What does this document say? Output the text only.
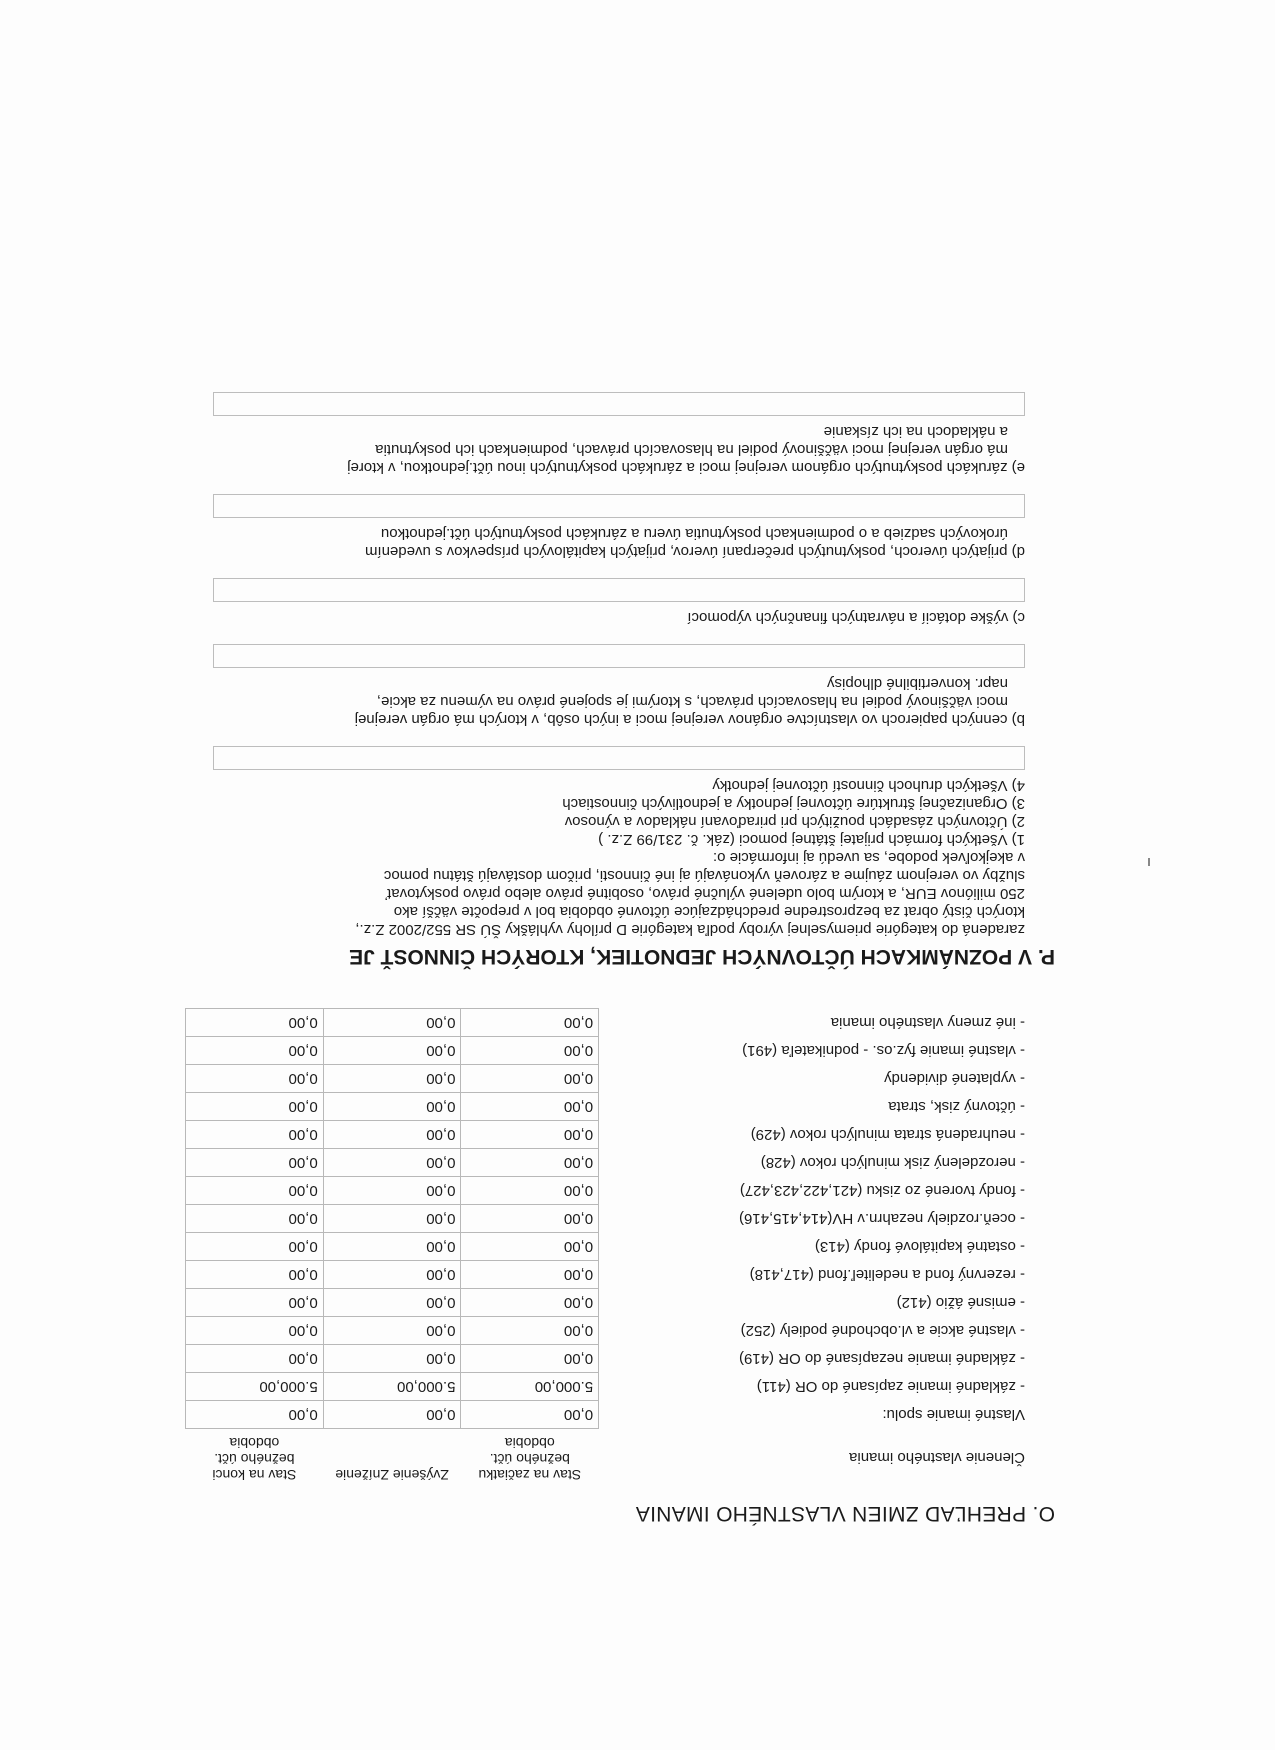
O. PREHĽAD ZMIEN VLASTNÉHO IMANIA
Členenie vlastného imania	Stav na začiatku bežného účt. obdobia	Zvýšenie Zníženie	Stav na konci bežného účt. obdobia
Vlastné imanie spolu:	0,00	0,00	0,00
- základné imanie zapísané do OR (411)	5.000,00	5.000,00	5.000,00
- základné imanie nezapísané do OR (419)	0,00	0,00	0,00
- vlastné akcie a vl.obchodné podiely (252)	0,00	0,00	0,00
- emisné ážio (412)	0,00	0,00	0,00
- rezervný fond a nedeliteľ.fond (417,418)	0,00	0,00	0,00
- ostatné kapitálové fondy (413)	0,00	0,00	0,00
- oceň.rozdiely nezahrn.v HV(414,415,416)	0,00	0,00	0,00
- fondy tvorené zo zisku (421,422,423,427)	0,00	0,00	0,00
- nerozdelený zisk minulých rokov (428)	0,00	0,00	0,00
- neuhradená strata minulých rokov (429)	0,00	0,00	0,00
- účtovný zisk, strata	0,00	0,00	0,00
- vyplatené dividendy	0,00	0,00	0,00
- vlastné imanie fyz.os. - podnikateľa (491)	0,00	0,00	0,00
- iné zmeny vlastného imania	0,00	0,00	0,00
P. V POZNÁMKACH ÚČTOVNÝCH JEDNOTIEK, KTORÝCH ČINNOSŤ JE

zaradená do kategórie priemyselnej výroby podľa kategórie D prílohy vyhlášky ŠÚ SR 552/2002 Z.z.,

ktorých čistý obrat za bezprostredne predchádzajúce účtovné obdobia bol v prepočte väčší ako

250 miliónov EUR, a ktorým bolo udelené výlučné právo, osobitné právo alebo právo poskytovať

služby vo verejnom záujme a zároveň vykonávajú aj iné činnosti, pričom dostávajú štátnu pomoc

v akejkoľvek podobe, sa uvedú aj informácie o:

1) Všetkých formách prijatej štátnej pomoci (zák. č. 231/99 Z.z. )

2) Účtovných zásadách použitých pri priraďovaní nákladov a výnosov

3) Organizačnej štruktúre účtovnej jednotky a jednotlivých činnostiach

4) Všetkých druhoch činností účtovnej jednotky

b) cenných papieroch vo vlastníctve orgánov verejnej moci a iných osôb, v ktorých má orgán verejnej

moci väčšinový podiel na hlasovacích právach, s ktorými je spojené právo na výmenu za akcie,

napr. konvertibilné dlhopisy

c) výške dotácií a návratných finančných výpomocí

d) prijatých úveroch, poskytnutých prečerpaní úverov, prijatých kapitálových príspevkov s uvedením

úrokových sadzieb a o podmienkach poskytnutia úveru a zárukách poskytnutých účt.jednotkou

e) zárukách poskytnutých orgánom verejnej moci a zárukách poskytnutých inou účt.jednotkou, v ktorej

má orgán verejnej moci väčšinový podiel na hlasovacích právach, podmienkach ich poskytnutia

a nákladoch na ich získanie
